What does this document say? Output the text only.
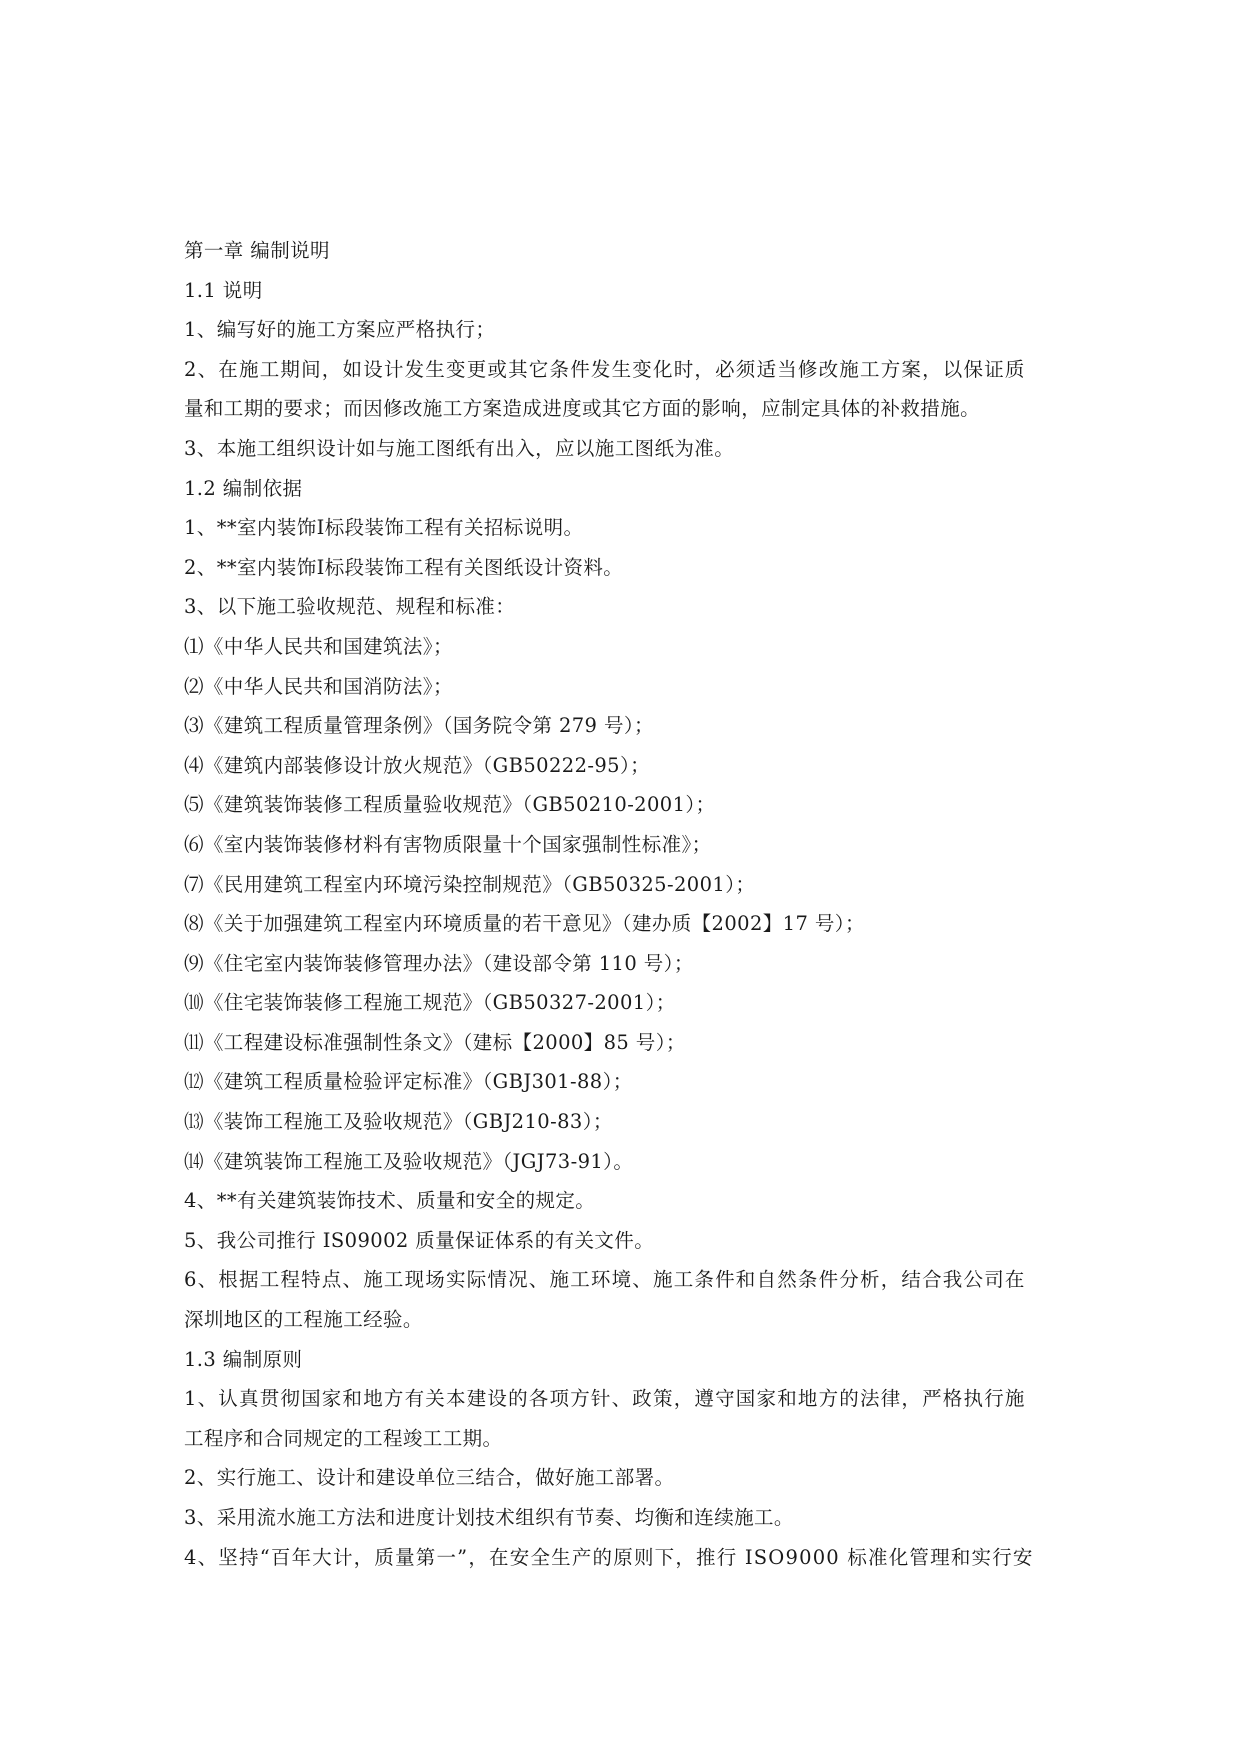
第一章 编制说明
1.1 说明
1、编写好的施工方案应严格执行；
2、在施工期间，如设计发生变更或其它条件发生变化时，必须适当修改施工方案，以保证质
量和工期的要求；而因修改施工方案造成进度或其它方面的影响，应制定具体的补救措施。
3、本施工组织设计如与施工图纸有出入，应以施工图纸为准。
1.2 编制依据
1、**室内装饰Ⅰ标段装饰工程有关招标说明。
2、**室内装饰Ⅰ标段装饰工程有关图纸设计资料。
3、以下施工验收规范、规程和标准：
⑴《中华人民共和国建筑法》；
⑵《中华人民共和国消防法》；
⑶《建筑工程质量管理条例》（国务院令第 279 号）；
⑷《建筑内部装修设计放火规范》（GB50222-95）；
⑸《建筑装饰装修工程质量验收规范》（GB50210-2001）；
⑹《室内装饰装修材料有害物质限量十个国家强制性标准》；
⑺《民用建筑工程室内环境污染控制规范》（GB50325-2001）；
⑻《关于加强建筑工程室内环境质量的若干意见》（建办质【2002】17 号）；
⑼《住宅室内装饰装修管理办法》（建设部令第 110 号）；
⑽《住宅装饰装修工程施工规范》（GB50327-2001）；
⑾《工程建设标准强制性条文》（建标【2000】85 号）；
⑿《建筑工程质量检验评定标准》（GBJ301-88）；
⒀《装饰工程施工及验收规范》（GBJ210-83）；
⒁《建筑装饰工程施工及验收规范》（JGJ73-91）。
4、**有关建筑装饰技术、质量和安全的规定。
5、我公司推行 IS09002 质量保证体系的有关文件。
6、根据工程特点、施工现场实际情况、施工环境、施工条件和自然条件分析，结合我公司在
深圳地区的工程施工经验。
1.3 编制原则
1、认真贯彻国家和地方有关本建设的各项方针、政策，遵守国家和地方的法律，严格执行施
工程序和合同规定的工程竣工工期。
2、实行施工、设计和建设单位三结合，做好施工部署。
3、采用流水施工方法和进度计划技术组织有节奏、均衡和连续施工。
4、坚持“百年大计，质量第一”，在安全生产的原则下，推行 ISO9000 标准化管理和实行安
